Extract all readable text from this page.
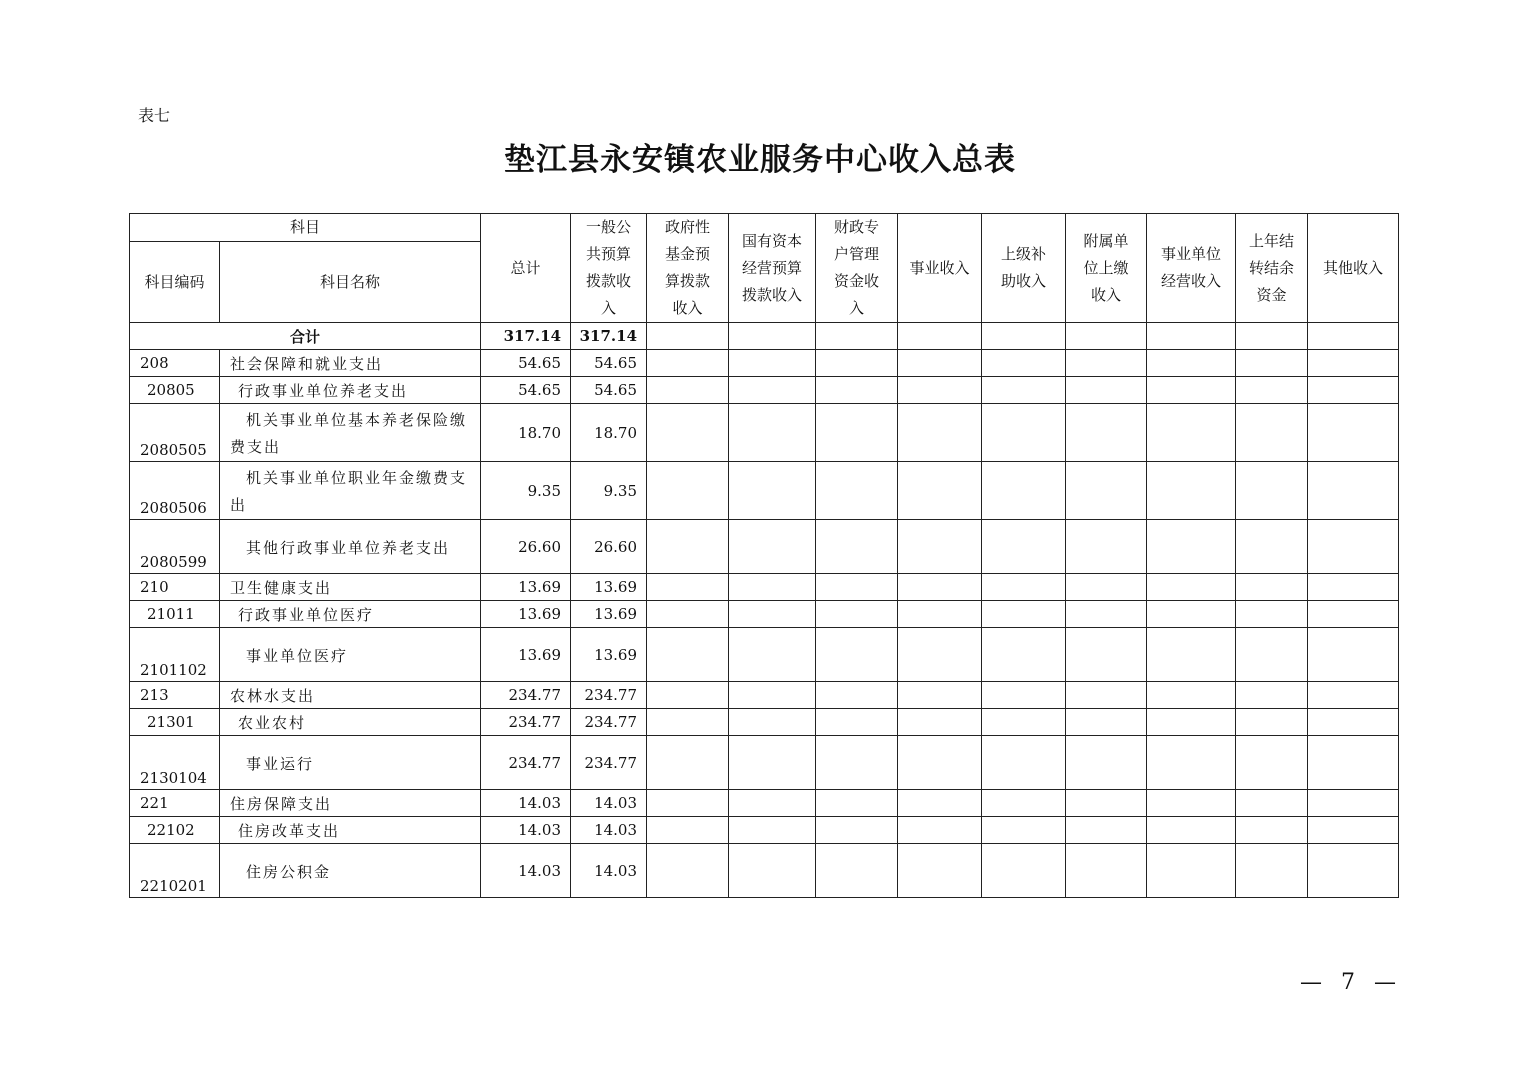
表七
垫江县永安镇农业服务中心收入总表
科目		总计	一般公共预算拨款收入	政府性基金预算拨款收入	国有资本经营预算拨款收入	财政专户管理资金收入	事业收入	上级补助收入	附属单位上缴收入	事业单位经营收入	上年结转结余资金	其他收入
科目编码	科目名称											
合计		317.14	317.14									
208	社会保障和就业支出	54.65	54.65									
20805	行政事业单位养老支出	54.65	54.65									
2080505	机关事业单位基本养老保险缴费支出	18.70	18.70									
2080506	机关事业单位职业年金缴费支出	9.35	9.35									
2080599	其他行政事业单位养老支出	26.60	26.60									
210	卫生健康支出	13.69	13.69									
21011	行政事业单位医疗	13.69	13.69									
2101102	事业单位医疗	13.69	13.69									
213	农林水支出	234.77	234.77									
21301	农业农村	234.77	234.77									
2130104	事业运行	234.77	234.77									
221	住房保障支出	14.03	14.03									
22102	住房改革支出	14.03	14.03									
2210201	住房公积金	14.03	14.03									
— 7 —
